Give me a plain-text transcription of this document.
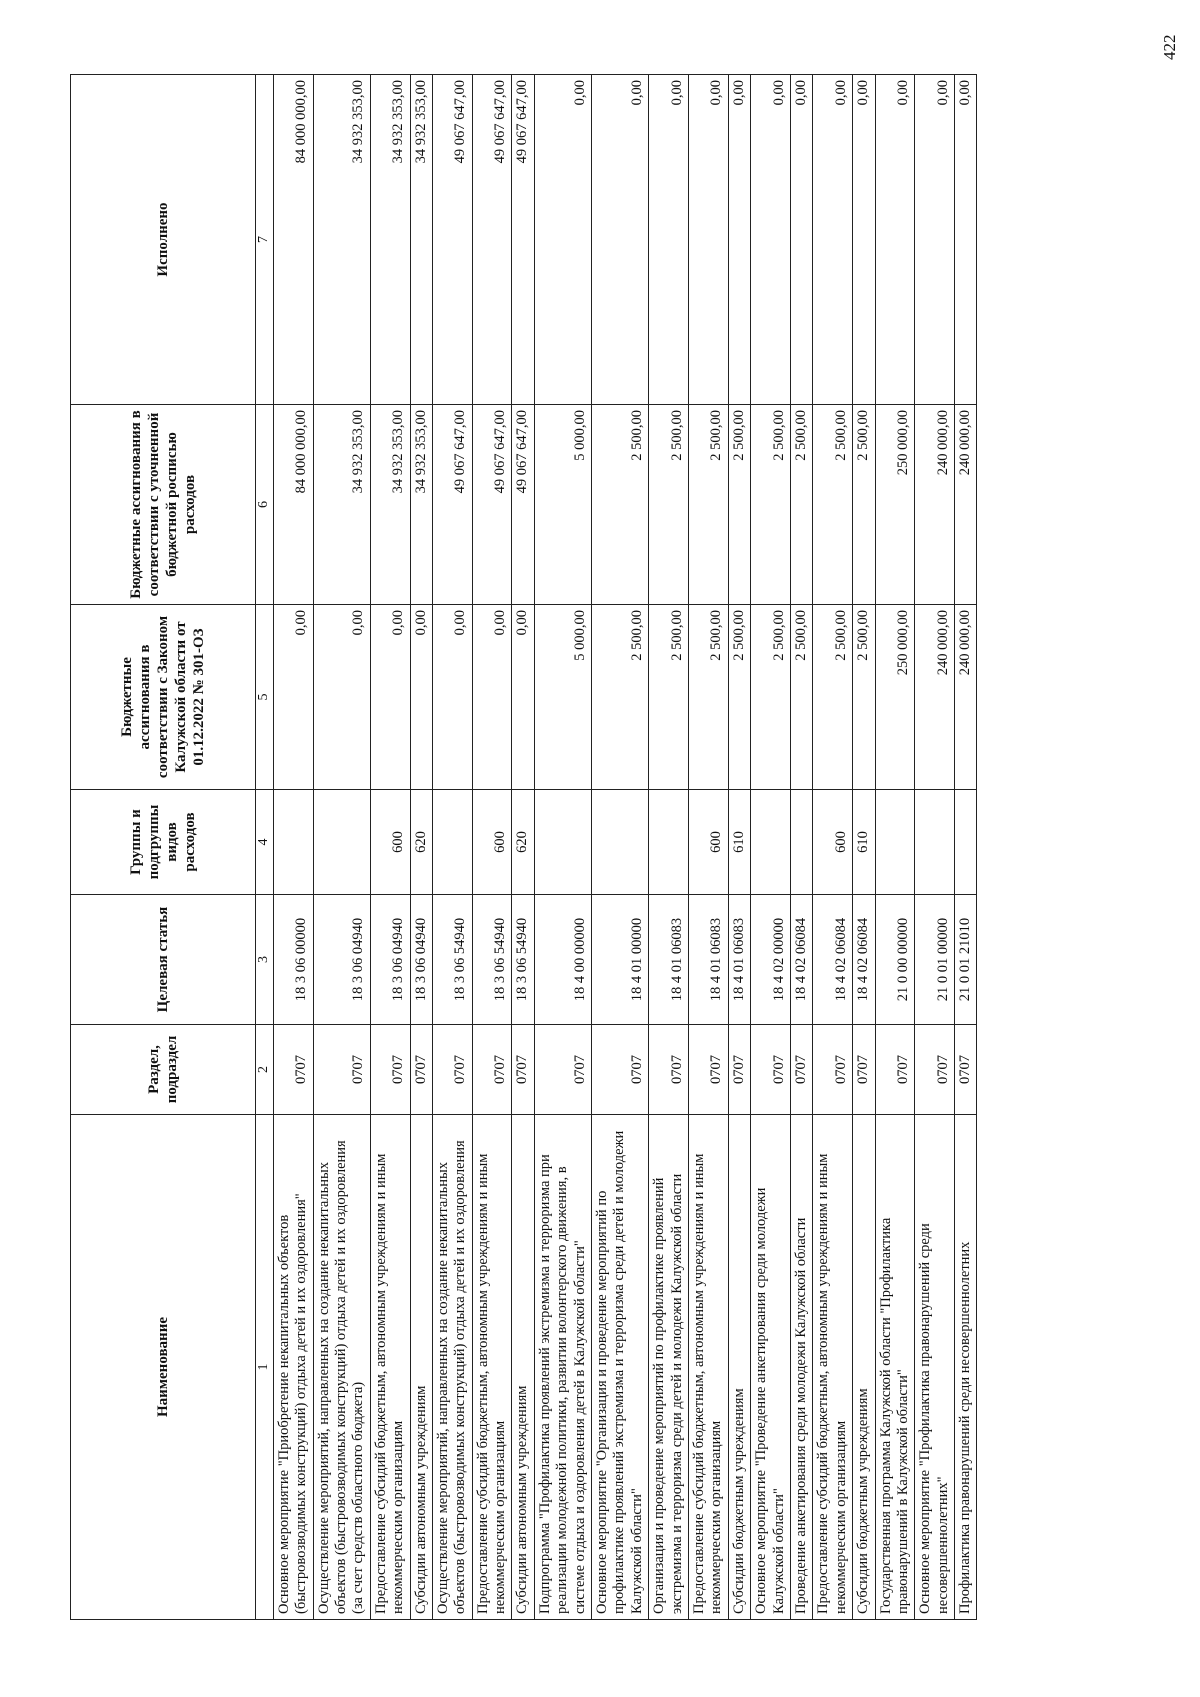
Наименование	Раздел, подраздел	Целевая статья	Группы и подгруппы видов расходов	Бюджетные ассигнования в соответствии с Законом Калужской области от 01.12.2022 № 301-ОЗ	Бюджетные ассигнования в соответствии с уточненной бюджетной росписью расходов	Исполнено
1	2	3	4	5	6	7
Основное мероприятие "Приобретение некапитальных объектов (быстровозводимых конструкций) отдыха детей и их оздоровления"	0707	18 3 06 00000		0,00	84 000 000,00	84 000 000,00
Осуществление мероприятий, направленных на создание некапитальных объектов (быстровозводимых конструкций) отдыха детей и их оздоровления (за счет средств областного бюджета)	0707	18 3 06 04940		0,00	34 932 353,00	34 932 353,00
Предоставление субсидий бюджетным, автономным учреждениям и иным некоммерческим организациям	0707	18 3 06 04940	600	0,00	34 932 353,00	34 932 353,00
Субсидии автономным учреждениям	0707	18 3 06 04940	620	0,00	34 932 353,00	34 932 353,00
Осуществление мероприятий, направленных на создание некапитальных объектов (быстровозводимых конструкций) отдыха детей и их оздоровления	0707	18 3 06 54940		0,00	49 067 647,00	49 067 647,00
Предоставление субсидий бюджетным, автономным учреждениям и иным некоммерческим организациям	0707	18 3 06 54940	600	0,00	49 067 647,00	49 067 647,00
Субсидии автономным учреждениям	0707	18 3 06 54940	620	0,00	49 067 647,00	49 067 647,00
Подпрограмма "Профилактика проявлений экстремизма и терроризма при реализации молодежной политики, развитии волонтерского движения, в системе отдыха и оздоровления детей в Калужской области"	0707	18 4 00 00000		5 000,00	5 000,00	0,00
Основное мероприятие "Организация и проведение мероприятий по профилактике проявлений экстремизма и терроризма среди детей и молодежи Калужской области"	0707	18 4 01 00000		2 500,00	2 500,00	0,00
Организация и проведение мероприятий по профилактике проявлений экстремизма и терроризма среди детей и молодежи Калужской области	0707	18 4 01 06083		2 500,00	2 500,00	0,00
Предоставление субсидий бюджетным, автономным учреждениям и иным некоммерческим организациям	0707	18 4 01 06083	600	2 500,00	2 500,00	0,00
Субсидии бюджетным учреждениям	0707	18 4 01 06083	610	2 500,00	2 500,00	0,00
Основное мероприятие "Проведение анкетирования среди молодежи Калужской области"	0707	18 4 02 00000		2 500,00	2 500,00	0,00
Проведение анкетирования среди молодежи Калужской области	0707	18 4 02 06084		2 500,00	2 500,00	0,00
Предоставление субсидий бюджетным, автономным учреждениям и иным некоммерческим организациям	0707	18 4 02 06084	600	2 500,00	2 500,00	0,00
Субсидии бюджетным учреждениям	0707	18 4 02 06084	610	2 500,00	2 500,00	0,00
Государственная программа Калужской области "Профилактика правонарушений в Калужской области"	0707	21 0 00 00000		250 000,00	250 000,00	0,00
Основное мероприятие "Профилактика правонарушений среди несовершеннолетних"	0707	21 0 01 00000		240 000,00	240 000,00	0,00
Профилактика правонарушений среди несовершеннолетних	0707	21 0 01 21010		240 000,00	240 000,00	0,00
422
